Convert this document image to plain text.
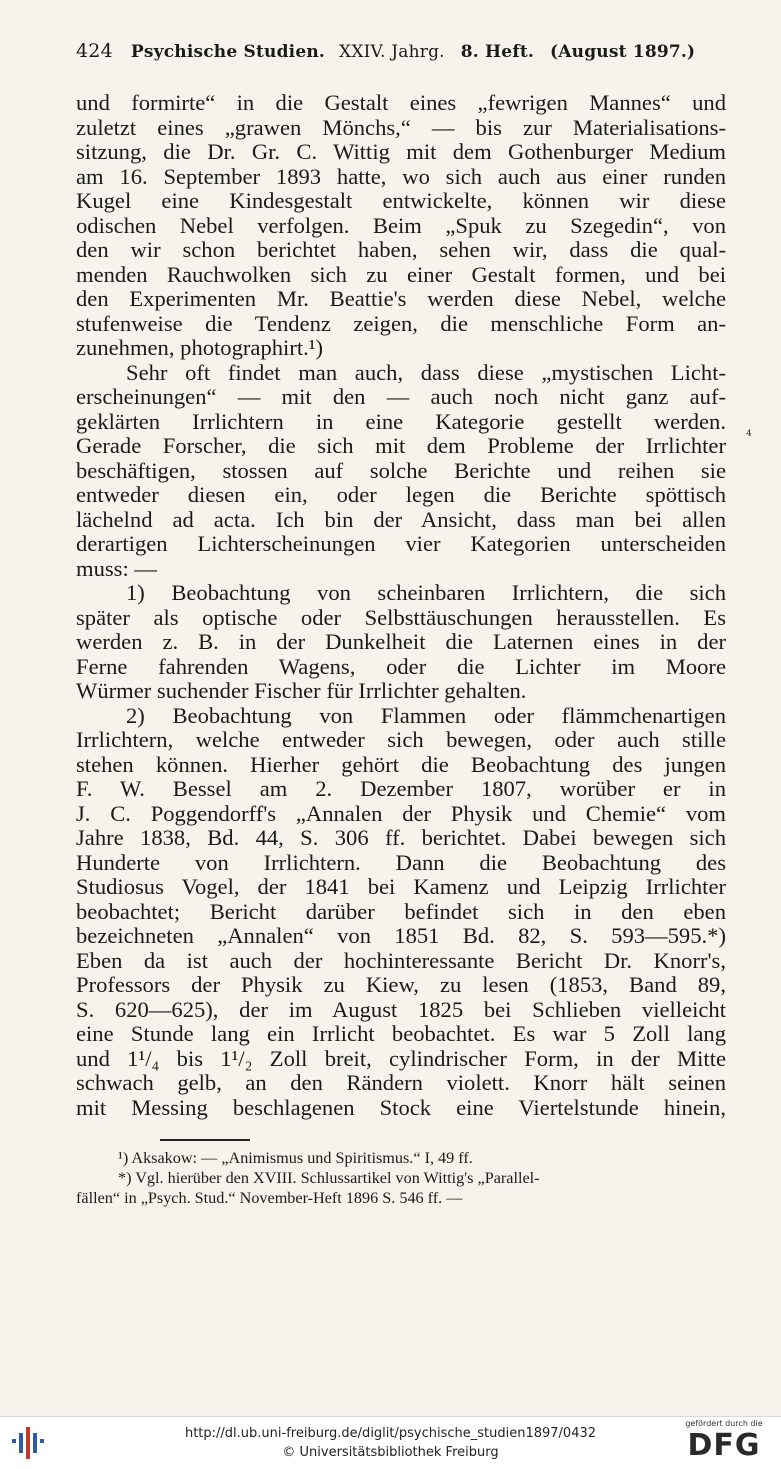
424 Psychische Studien. XXIV. Jahrg. 8. Heft. (August 1897.)
und formirte“ in die Gestalt eines „fewrigen Mannes“ und
zuletzt eines „grawen Mönchs,“ — bis zur Materialisations-
sitzung, die Dr. Gr. C. Wittig mit dem Gothenburger Medium
am 16. September 1893 hatte, wo sich auch aus einer runden
Kugel eine Kindesgestalt entwickelte, können wir diese
odischen Nebel verfolgen. Beim „Spuk zu Szegedin“, von
den wir schon berichtet haben, sehen wir, dass die qual-
menden Rauchwolken sich zu einer Gestalt formen, und bei
den Experimenten Mr. Beattie's werden diese Nebel, welche
stufenweise die Tendenz zeigen, die menschliche Form an-
zunehmen, photographirt.¹)
Sehr oft findet man auch, dass diese „mystischen Licht-
erscheinungen“ — mit den — auch noch nicht ganz auf-
geklärten Irrlichtern in eine Kategorie gestellt werden.
Gerade Forscher, die sich mit dem Probleme der Irrlichter
beschäftigen, stossen auf solche Berichte und reihen sie
entweder diesen ein, oder legen die Berichte spöttisch
lächelnd ad acta. Ich bin der Ansicht, dass man bei allen
derartigen Lichterscheinungen vier Kategorien unterscheiden
muss: —
1) Beobachtung von scheinbaren Irrlichtern, die sich
später als optische oder Selbsttäuschungen herausstellen. Es
werden z. B. in der Dunkelheit die Laternen eines in der
Ferne fahrenden Wagens, oder die Lichter im Moore
Würmer suchender Fischer für Irrlichter gehalten.
2) Beobachtung von Flammen oder flämmchenartigen
Irrlichtern, welche entweder sich bewegen, oder auch stille
stehen können. Hierher gehört die Beobachtung des jungen
F. W. Bessel am 2. Dezember 1807, worüber er in
J. C. Poggendorff's „Annalen der Physik und Chemie“ vom
Jahre 1838, Bd. 44, S. 306 ff. berichtet. Dabei bewegen sich
Hunderte von Irrlichtern. Dann die Beobachtung des
Studiosus Vogel, der 1841 bei Kamenz und Leipzig Irrlichter
beobachtet; Bericht darüber befindet sich in den eben
bezeichneten „Annalen“ von 1851 Bd. 82, S. 593—595.*)
Eben da ist auch der hochinteressante Bericht Dr. Knorr's,
Professors der Physik zu Kiew, zu lesen (1853, Band 89,
S. 620—625), der im August 1825 bei Schlieben vielleicht
eine Stunde lang ein Irrlicht beobachtet. Es war 5 Zoll lang
und 1¹/₄ bis 1¹/₂ Zoll breit, cylindrischer Form, in der Mitte
schwach gelb, an den Rändern violett. Knorr hält seinen
mit Messing beschlagenen Stock eine Viertelstunde hinein,
¹) Aksakow: — „Animismus und Spiritismus.“ I, 49 ff.
*) Vgl. hierüber den XVIII. Schlussartikel von Wittig's „Parallel-
fällen“ in „Psych. Stud.“ November-Heft 1896 S. 546 ff. —
⁴
http://dl.ub.uni-freiburg.de/diglit/psychische_studien1897/0432
© Universitätsbibliothek Freiburg
gefördert durch die
DFG
